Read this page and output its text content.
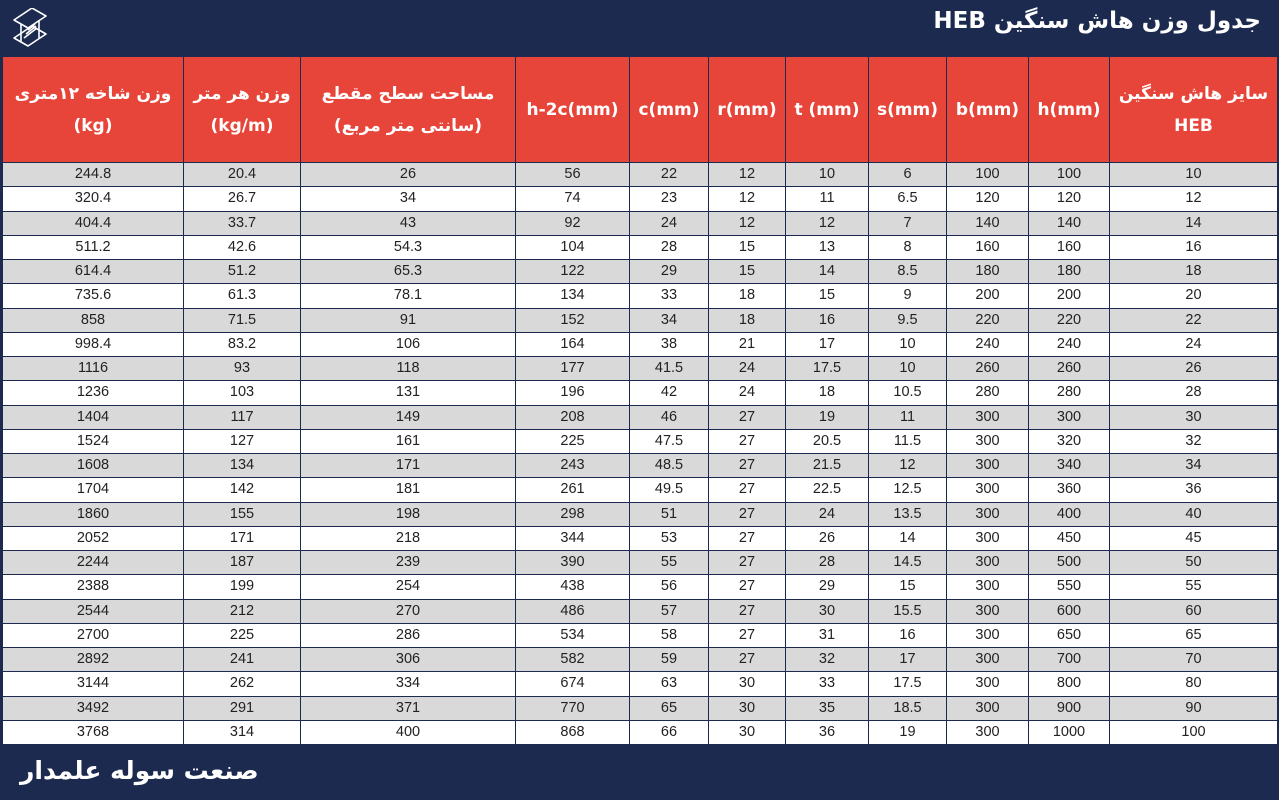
جدول وزن هاش سنگین HEB
وزن شاخه ۱۲متری
(kg)	وزن هر متر
(kg/m)	مساحت سطح مقطع
(سانتی متر مربع)	h-2c(mm)	c(mm)	r(mm)	t (mm)	s(mm)	b(mm)	h(mm)	سایز هاش سنگین
HEB

244.8	20.4	26	56	22	12	10	6	100	100	10
320.4	26.7	34	74	23	12	11	6.5	120	120	12
404.4	33.7	43	92	24	12	12	7	140	140	14
511.2	42.6	54.3	104	28	15	13	8	160	160	16
614.4	51.2	65.3	122	29	15	14	8.5	180	180	18
735.6	61.3	78.1	134	33	18	15	9	200	200	20
858	71.5	91	152	34	18	16	9.5	220	220	22
998.4	83.2	106	164	38	21	17	10	240	240	24
1116	93	118	177	41.5	24	17.5	10	260	260	26
1236	103	131	196	42	24	18	10.5	280	280	28
1404	117	149	208	46	27	19	11	300	300	30
1524	127	161	225	47.5	27	20.5	11.5	300	320	32
1608	134	171	243	48.5	27	21.5	12	300	340	34
1704	142	181	261	49.5	27	22.5	12.5	300	360	36
1860	155	198	298	51	27	24	13.5	300	400	40
2052	171	218	344	53	27	26	14	300	450	45
2244	187	239	390	55	27	28	14.5	300	500	50
2388	199	254	438	56	27	29	15	300	550	55
2544	212	270	486	57	27	30	15.5	300	600	60
2700	225	286	534	58	27	31	16	300	650	65
2892	241	306	582	59	27	32	17	300	700	70
3144	262	334	674	63	30	33	17.5	300	800	80
3492	291	371	770	65	30	35	18.5	300	900	90
3768	314	400	868	66	30	36	19	300	1000	100
صنعت سوله علمدار
